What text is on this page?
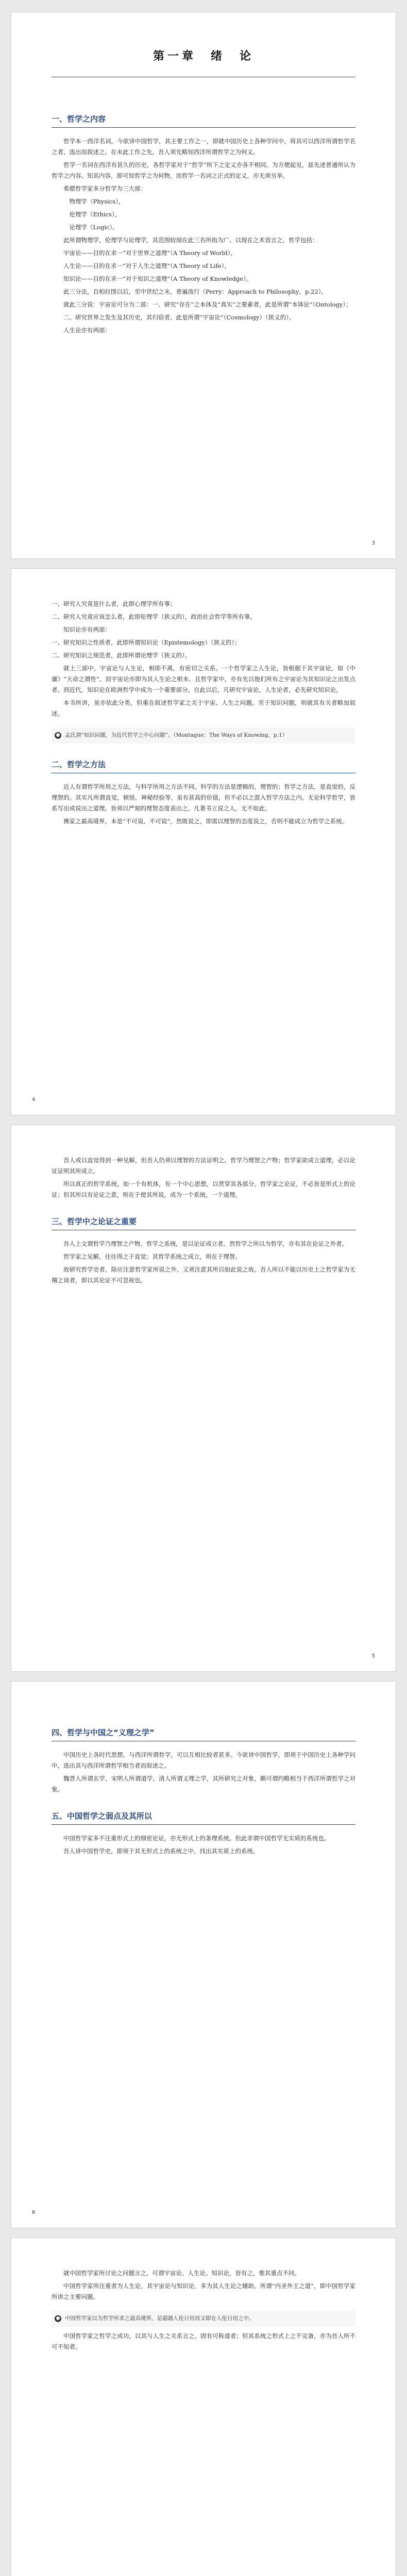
第一章　绪　论
一、哲学之内容

哲学本一西洋名词。今欲讲中国哲学，其主要工作之一，即就中国历史上各种学问中，将其可以西洋所谓哲学名之者，选出而叙述之。在未此工作之先，吾人须先略知西洋所谓哲学之为何义。

哲学一名词在西洋有甚久的历史，各哲学家对于“哲学”所下之定义亦各不相同。为方便起见，兹先述普通所认为哲学之内容。知其内容，即可知哲学之为何物，而哲学一名词之正式的定义，亦无须另举。

希腊哲学家多分哲学为三大部：

物理学（Physics），

伦理学（Ethics），

论理学（Logic）。

此所谓物理学，伦理学与论理学，其范围较现在此三名所指为广。以现在之术语言之，哲学包括：

宇宙论——目的在求一“对于世界之道理”（A Theory of World），

人生论——目的在求一“对于人生之道理”（A Theory of Life），

知识论——目的在求一“对于知识之道理”（A Theory of Knowledge）。

此三分法，自柏拉图以后，至中世纪之末，普遍流行（Perry：Approach to Philosophy，p.22）。

就此三分说：宇宙论可分为二部：一、研究“存在”之本体及“真实”之要素者，此是所谓“本体论”（Ontology）；

二、研究世界之发生及其历史，其归宿者，此是所谓“宇宙论”（Cosmology）（狭义的）。

人生论亦有两部：

3

一、研究人究竟是什么者，此即心理学所有事；

二、研究人究竟应该怎么者，此即伦理学（狭义的），政治社会哲学等所有事。

知识论亦有两部：

一、研究知识之性质者，此即所谓知识论（Epistemology）（狭义的）；

二、研究知识之规范者，此即所谓论理学（狭义的）。

就上三部中，宇宙论与人生论，相即不离，有密切之关系。一个哲学家之人生论，皆根据于其宇宙论，如《中庸》“天命之谓性”。而宇宙论亦即为其人生论之根本。且哲学家中，亦有先以他们所有之宇宙论为其知识论之出发点者。到近代，知识论在欧洲哲学中成为一个重要部分。自此以后，凡研究宇宙论，人生论者，必先研究知识论。

本书所讲，虽亦依此分类，但重在叙述哲学家之关于宇宙、人生之问题。至于知识问题，则就其有关者略加叙述。

● 孟氏谓“知识问题，为近代哲学之中心问题”。（Montague：The Ways of Knowing，p.1）
二、哲学之方法

近人有谓哲学所用之方法，与科学所用之方法不同。科学的方法是逻辑的，理智的；哲学之方法，是直觉的，反理智的。其实凡所谓直觉，顿悟，神秘经验等，虽有甚高的价值，但不必以之混入哲学方法之内。无论科学哲学，皆系写出或说出之道理，皆须以严刻的理智态度表出之。凡著书立说之人，无不如此。

佛家之最高境界，本是“不可说，不可说”，然既说之，即需以理智的态度说之，否则不能成立为哲学之系统。

4

吾人或以直觉得到一种见解，但吾人仍须以理智的方法证明之。哲学乃理智之产物；哲学家欲成立道理，必以论证证明其所成立。

所以真正的哲学系统，如一个有机体，有一个中心思想，以贯穿其各部分。哲学家之论证，不必皆是形式上的论证；但其所以有论证之意，则在于使其所说，成为一个系统，一个道理。

三、哲学中之论证之重要

吾人上文谓哲学乃理智之产物，哲学之系统，是以论证成立者。然哲学之所以为哲学，亦有其在论证之外者。

哲学家之见解，往往得之于直觉；其哲学系统之成立，则在于理智。

故研究哲学史者，除应注意哲学家所说之外，又须注意其所以如此说之故。吾人所以不能以历史上之哲学家为无稽之谈者，即以其论证不可忽视也。

5
四、哲学与中国之“义理之学”

中国历史上各时代思想，与西洋所谓哲学，可以互相比较者甚多。今欲讲中国哲学，即须于中国历史上各种学问中，选出其与西洋所谓哲学相当者而叙述之。

魏晋人所谓玄学，宋明人所谓道学，清人所谓义理之学，其所研究之对象，颇可谓约略相当于西洋所谓哲学之对象。

五、中国哲学之弱点及其所以

中国哲学家多不注重形式上的细密论证，亦无形式上的条理系统。但此非谓中国哲学无实质的系统也。

吾人讲中国哲学史，即须于其无形式上的系统之中，找出其实质上的系统。

6

就中国哲学家所讨论之问题言之，可谓宇宙论、人生论、知识论，皆有之，惟其重点不同。

中国哲学家所注重者为人生论，其宇宙论与知识论，多为其人生论之辅助。所谓“内圣外王之道”，即中国哲学家所讲之主要问题。

● 中国哲学家以为哲学所求之最高境界，是超越人伦日用而又即在人伦日用之中。

中国哲学家之哲学之成功，以其与人生之关系言之，固有可称道者；但其系统之形式上之不完备，亦为吾人所不可不知者。
